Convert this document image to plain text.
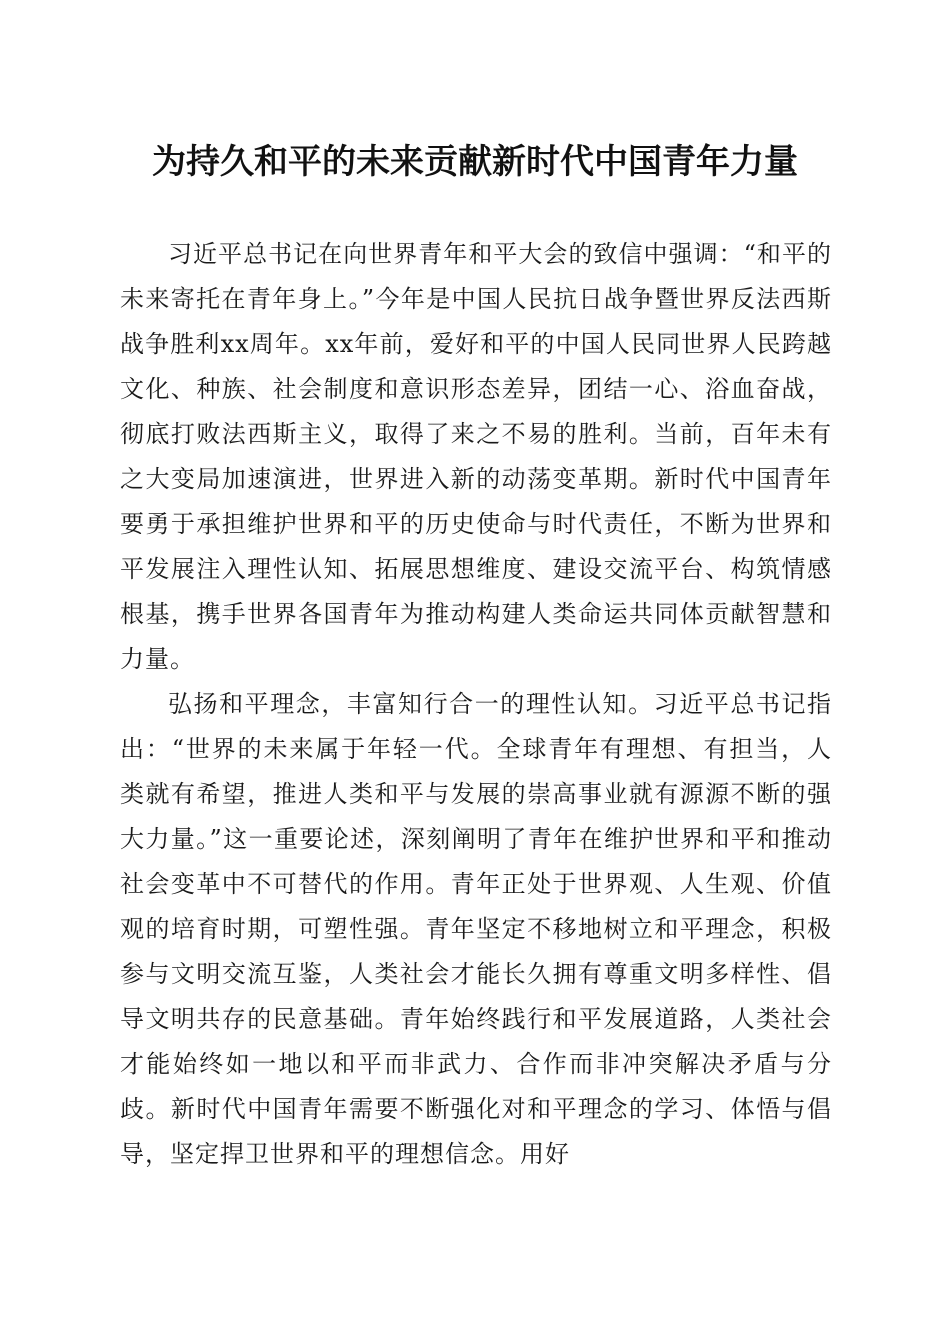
为持久和平的未来贡献新时代中国青年力量

习近平总书记在向世界青年和平大会的致信中强调：“和平的未来寄托在青年身上。”今年是中国人民抗日战争暨世界反法西斯战争胜利xx周年。xx年前，爱好和平的中国人民同世界人民跨越文化、种族、社会制度和意识形态差异，团结一心、浴血奋战，彻底打败法西斯主义，取得了来之不易的胜利。当前，百年未有之大变局加速演进，世界进入新的动荡变革期。新时代中国青年要勇于承担维护世界和平的历史使命与时代责任，不断为世界和平发展注入理性认知、拓展思想维度、建设交流平台、构筑情感根基，携手世界各国青年为推动构建人类命运共同体贡献智慧和力量。

弘扬和平理念，丰富知行合一的理性认知。习近平总书记指出：“世界的未来属于年轻一代。全球青年有理想、有担当，人类就有希望，推进人类和平与发展的崇高事业就有源源不断的强大力量。”这一重要论述，深刻阐明了青年在维护世界和平和推动社会变革中不可替代的作用。青年正处于世界观、人生观、价值观的培育时期，可塑性强。青年坚定不移地树立和平理念，积极参与文明交流互鉴，人类社会才能长久拥有尊重文明多样性、倡导文明共存的民意基础。青年始终践行和平发展道路，人类社会才能始终如一地以和平而非武力、合作而非冲突解决矛盾与分歧。新时代中国青年需要不断强化对和平理念的学习、体悟与倡导，坚定捍卫世界和平的理想信念。用好
